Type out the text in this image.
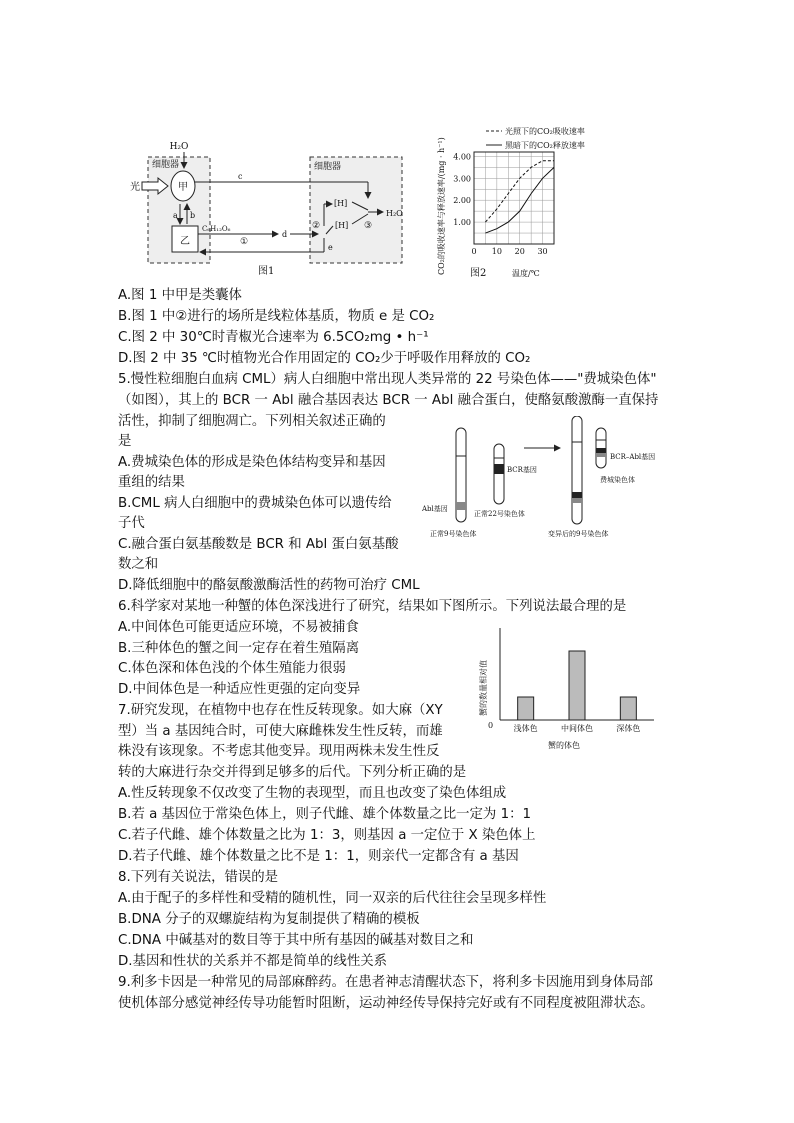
H₂O
细胞器	细胞器
甲
光
乙
a b
c
C₆H₁₂O₆
①
d
②
[H]
[H] ③
H₂O
e
图1	CO₂的吸收速率与释放速率/(mg · h⁻¹)
光照下的CO₂吸收速率
黑暗下的CO₂释放速率
1.00
2.00
3.00
4.00
0 10 20 30
温度/℃
图2
A.图 1 中甲是类囊体
B.图 1 中②进行的场所是线粒体基质，物质 e 是 CO₂
C.图 2 中 30℃时青椒光合速率为 6.5CO₂mg • h⁻¹
D.图 2 中 35 ℃时植物光合作用固定的 CO₂少于呼吸作用释放的 CO₂
5.慢性粒细胞白血病 CML）病人白细胞中常出现人类异常的 22 号染色体——"费城染色体"
（如图），其上的 BCR 一 Abl 融合基因表达 BCR 一 Abl 融合蛋白，使酪氨酸激酶一直保持
活性，抑制了细胞凋亡。下列相关叙述正确的
是
A.费城染色体的形成是染色体结构变异和基因
重组的结果
B.CML 病人白细胞中的费城染色体可以遗传给
子代
C.融合蛋白氨基酸数是 BCR 和 Abl 蛋白氨基酸
数之和
D.降低细胞中的酪氨酸激酶活性的药物可治疗 CML
Abl基因
BCR基因
正常22号染色体
BCR–Abl基因
费城染色体
正常9号染色体	变异后的9号染色体
6.科学家对某地一种蟹的体色深浅进行了研究，结果如下图所示。下列说法最合理的是
A.中间体色可能更适应环境，不易被捕食
B.三种体色的蟹之间一定存在着生殖隔离
C.体色深和体色浅的个体生殖能力很弱
D.中间体色是一种适应性更强的定向变异	蟹的数量相对值
0	浅体色	中间体色	深体色
蟹的体色
7.研究发现，在植物中也存在性反转现象。如大麻（XY
型）当 a 基因纯合时，可使大麻雌株发生性反转，而雄
株没有该现象。不考虑其他变异。现用两株未发生性反
转的大麻进行杂交并得到足够多的后代。下列分析正确的是
A.性反转现象不仅改变了生物的表现型，而且也改变了染色体组成
B.若 a 基因位于常染色体上，则子代雌、雄个体数量之比一定为 1：1
C.若子代雌、雄个体数量之比为 1：3，则基因 a 一定位于 X 染色体上
D.若子代雌、雄个体数量之比不是 1：1，则亲代一定都含有 a 基因
8.下列有关说法，错误的是
A.由于配子的多样性和受精的随机性，同一双亲的后代往往会呈现多样性
B.DNA 分子的双螺旋结构为复制提供了精确的模板
C.DNA 中碱基对的数目等于其中所有基因的碱基对数目之和
D.基因和性状的关系并不都是简单的线性关系
9.利多卡因是一种常见的局部麻醉药。在患者神志清醒状态下，将利多卡因施用到身体局部
使机体部分感觉神经传导功能暂时阻断，运动神经传导保持完好或有不同程度被阻滞状态。
